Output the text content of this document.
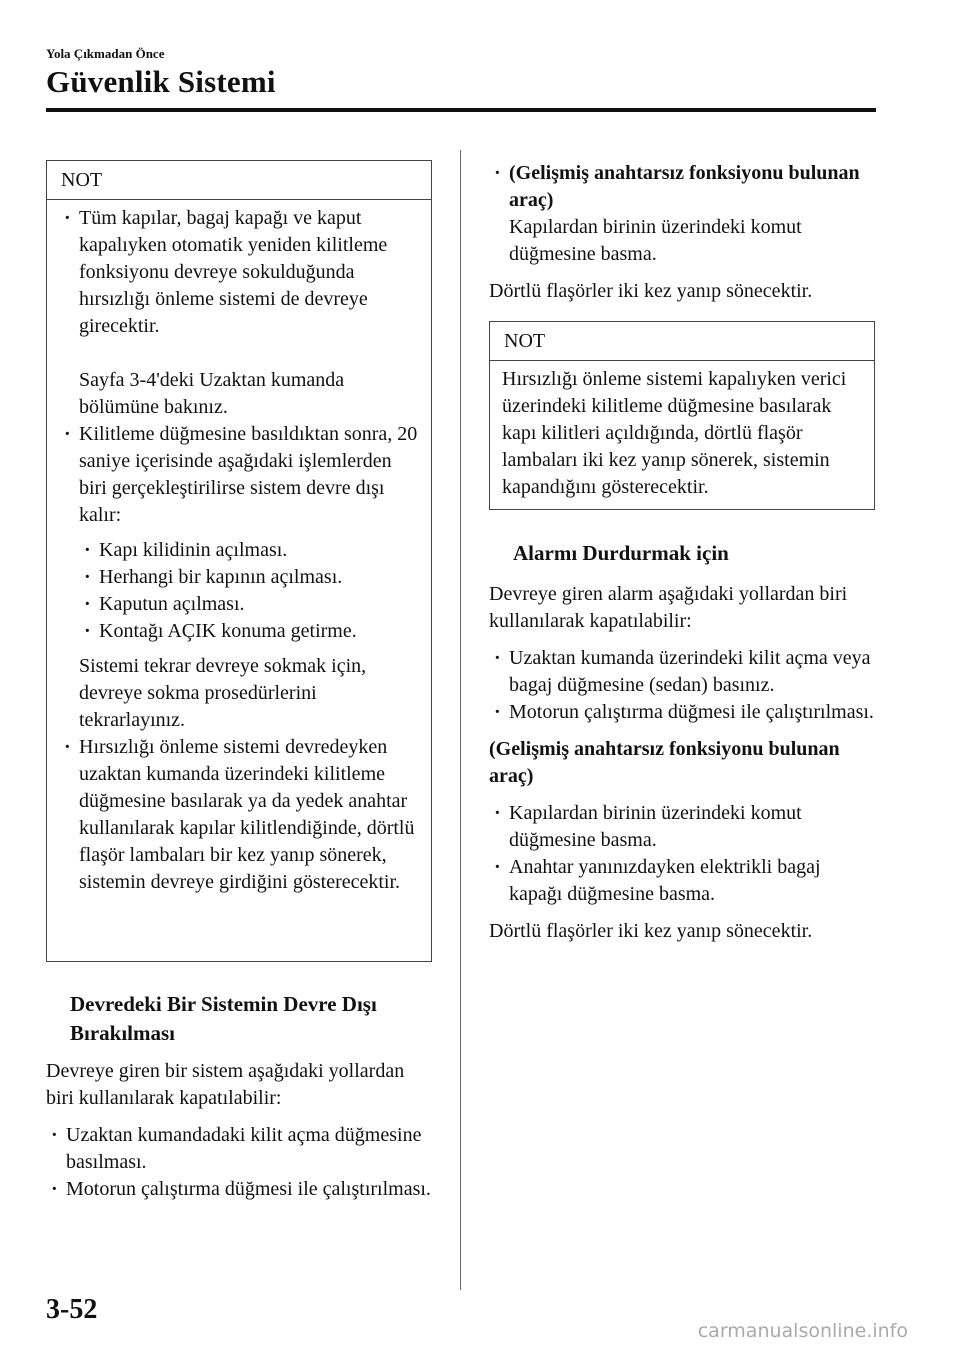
Yola Çıkmadan Önce
Güvenlik Sistemi
NOT

· Tüm kapılar, bagaj kapağı ve kaput kapalıyken otomatik yeniden kilitleme fonksiyonu devreye sokulduğunda hırsızlığı önleme sistemi de devreye girecektir.

Sayfa 3-4'deki Uzaktan kumanda bölümüne bakınız.

· Kilitleme düğmesine basıldıktan sonra, 20 saniye içerisinde aşağıdaki işlemlerden biri gerçekleştirilirse sistem devre dışı kalır:

· Kapı kilidinin açılması.

· Herhangi bir kapının açılması.

· Kaputun açılması.

· Kontağı AÇIK konuma getirme.

Sistemi tekrar devreye sokmak için, devreye sokma prosedürlerini tekrarlayınız.

· Hırsızlığı önleme sistemi devredeyken uzaktan kumanda üzerindeki kilitleme düğmesine basılarak ya da yedek anahtar kullanılarak kapılar kilitlendiğinde, dörtlü flaşör lambaları bir kez yanıp sönerek, sistemin devreye girdiğini gösterecektir.

Devredeki Bir Sistemin Devre Dışı Bırakılması

Devreye giren bir sistem aşağıdaki yollardan biri kullanılarak kapatılabilir:

· Uzaktan kumandadaki kilit açma düğmesine basılması.

· Motorun çalıştırma düğmesi ile çalıştırılması.

· (Gelişmiş anahtarsız fonksiyonu bulunan araç)

Kapılardan birinin üzerindeki komut düğmesine basma.

Dörtlü flaşörler iki kez yanıp sönecektir.

NOT

Hırsızlığı önleme sistemi kapalıyken verici üzerindeki kilitleme düğmesine basılarak kapı kilitleri açıldığında, dörtlü flaşör lambaları iki kez yanıp sönerek, sistemin kapandığını gösterecektir.

Alarmı Durdurmak için

Devreye giren alarm aşağıdaki yollardan biri kullanılarak kapatılabilir:

· Uzaktan kumanda üzerindeki kilit açma veya bagaj düğmesine (sedan) basınız.

· Motorun çalıştırma düğmesi ile çalıştırılması.

(Gelişmiş anahtarsız fonksiyonu bulunan araç)

· Kapılardan birinin üzerindeki komut düğmesine basma.

· Anahtar yanınızdayken elektrikli bagaj kapağı düğmesine basma.

Dörtlü flaşörler iki kez yanıp sönecektir.

3-52
carmanualsonline.info
